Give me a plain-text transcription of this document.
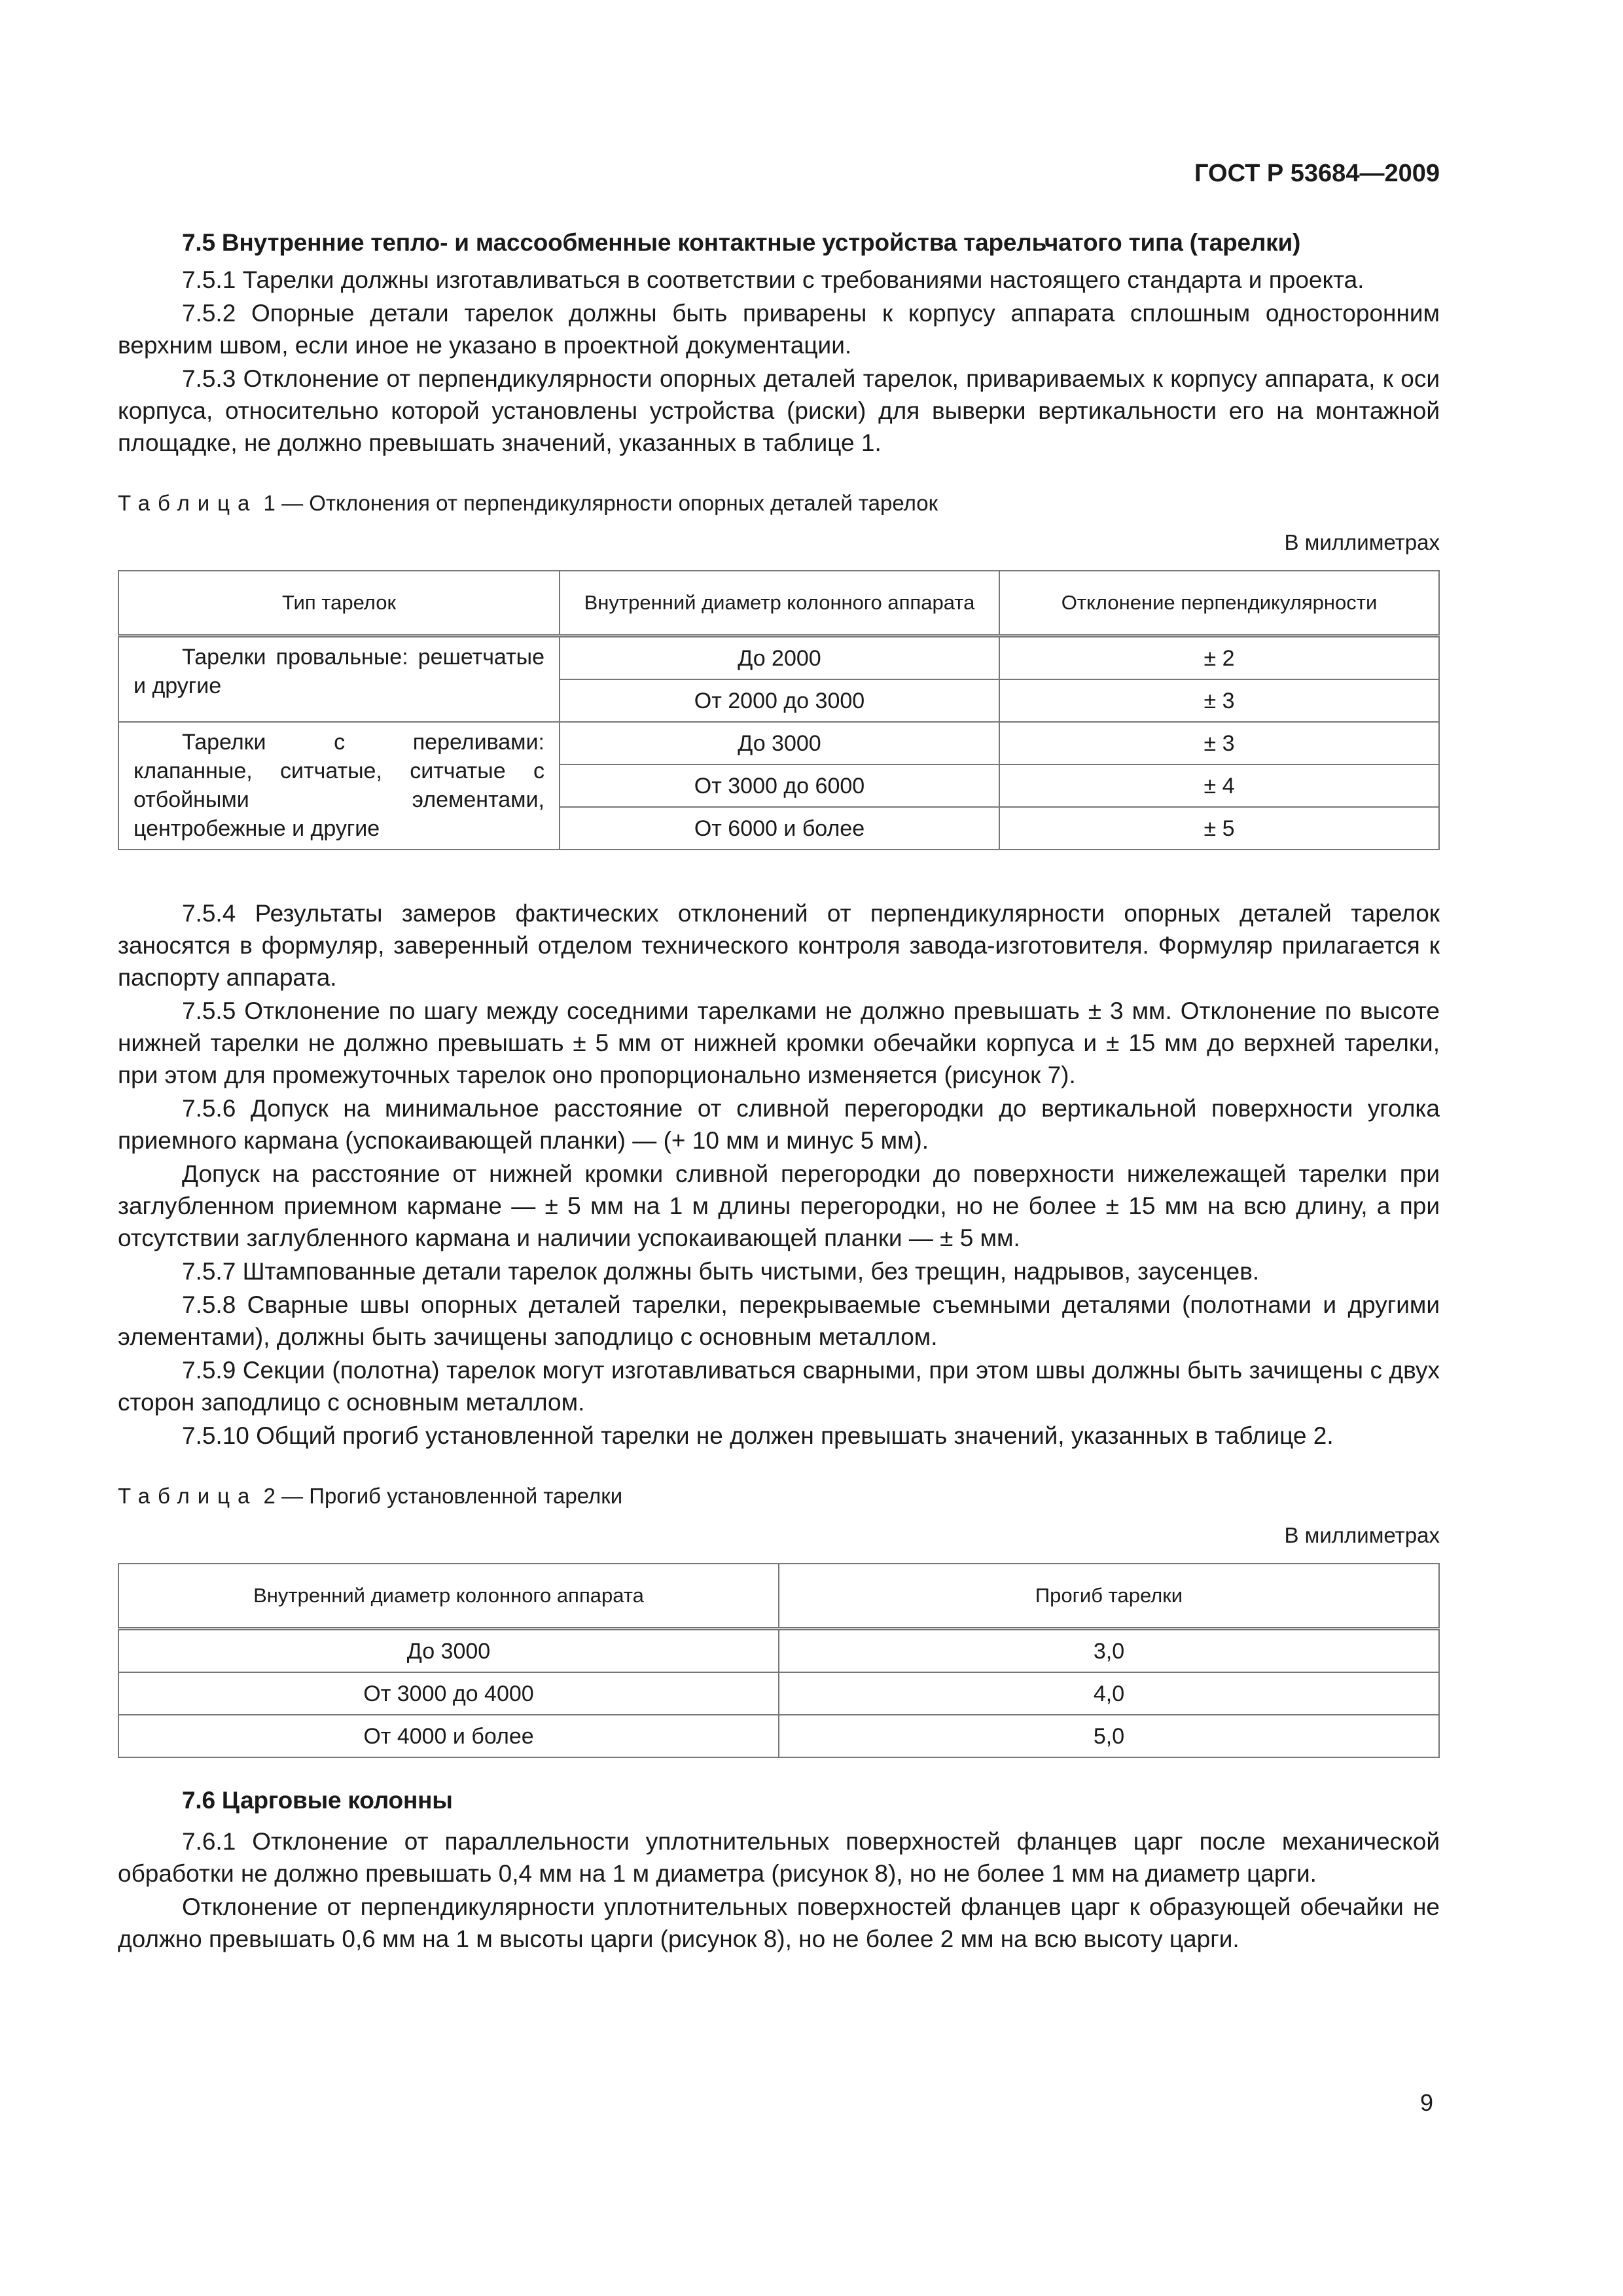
ГОСТ Р 53684—2009
7.5 Внутренние тепло- и массообменные контактные устройства тарельчатого типа (тарелки)

7.5.1 Тарелки должны изготавливаться в соответствии с требованиями настоящего стандарта и проекта.

7.5.2 Опорные детали тарелок должны быть приварены к корпусу аппарата сплошным односторонним верхним швом, если иное не указано в проектной документации.

7.5.3 Отклонение от перпендикулярности опорных деталей тарелок, привариваемых к корпусу аппарата, к оси корпуса, относительно которой установлены устройства (риски) для выверки вертикальности его на монтажной площадке, не должно превышать значений, указанных в таблице 1.

Таблица 1 — Отклонения от перпендикулярности опорных деталей тарелок
В миллиметрах
Тип тарелок	Внутренний диаметр колонного аппарата	Отклонение перпендикулярности

Тарелки провальные: решетчатые и другие	До 2000	± 2
	От 2000 до 3000	± 3

Тарелки с переливами: клапанные, ситчатые, ситчатые с отбойными элементами, центробежные и другие	До 3000	± 3
	От 3000 до 6000	± 4
	От 6000 и более	± 5

7.5.4 Результаты замеров фактических отклонений от перпендикулярности опорных деталей тарелок заносятся в формуляр, заверенный отделом технического контроля завода-изготовителя. Формуляр прилагается к паспорту аппарата.

7.5.5 Отклонение по шагу между соседними тарелками не должно превышать ± 3 мм. Отклонение по высоте нижней тарелки не должно превышать ± 5 мм от нижней кромки обечайки корпуса и ± 15 мм до верхней тарелки, при этом для промежуточных тарелок оно пропорционально изменяется (рисунок 7).

7.5.6 Допуск на минимальное расстояние от сливной перегородки до вертикальной поверхности уголка приемного кармана (успокаивающей планки) — (+ 10 мм и минус 5 мм).

Допуск на расстояние от нижней кромки сливной перегородки до поверхности нижележащей тарелки при заглубленном приемном кармане — ± 5 мм на 1 м длины перегородки, но не более ± 15 мм на всю длину, а при отсутствии заглубленного кармана и наличии успокаивающей планки — ± 5 мм.

7.5.7 Штампованные детали тарелок должны быть чистыми, без трещин, надрывов, заусенцев.

7.5.8 Сварные швы опорных деталей тарелки, перекрываемые съемными деталями (полотнами и другими элементами), должны быть зачищены заподлицо с основным металлом.

7.5.9 Секции (полотна) тарелок могут изготавливаться сварными, при этом швы должны быть зачищены с двух сторон заподлицо с основным металлом.

7.5.10 Общий прогиб установленной тарелки не должен превышать значений, указанных в таблице 2.

Таблица 2 — Прогиб установленной тарелки
В миллиметрах
Внутренний диаметр колонного аппарата	Прогиб тарелки
До 3000	3,0
От 3000 до 4000	4,0
От 4000 и более	5,0
7.6 Царговые колонны

7.6.1 Отклонение от параллельности уплотнительных поверхностей фланцев царг после механической обработки не должно превышать 0,4 мм на 1 м диаметра (рисунок 8), но не более 1 мм на диаметр царги.

Отклонение от перпендикулярности уплотнительных поверхностей фланцев царг к образующей обечайки не должно превышать 0,6 мм на 1 м высоты царги (рисунок 8), но не более 2 мм на всю высоту царги.

9
